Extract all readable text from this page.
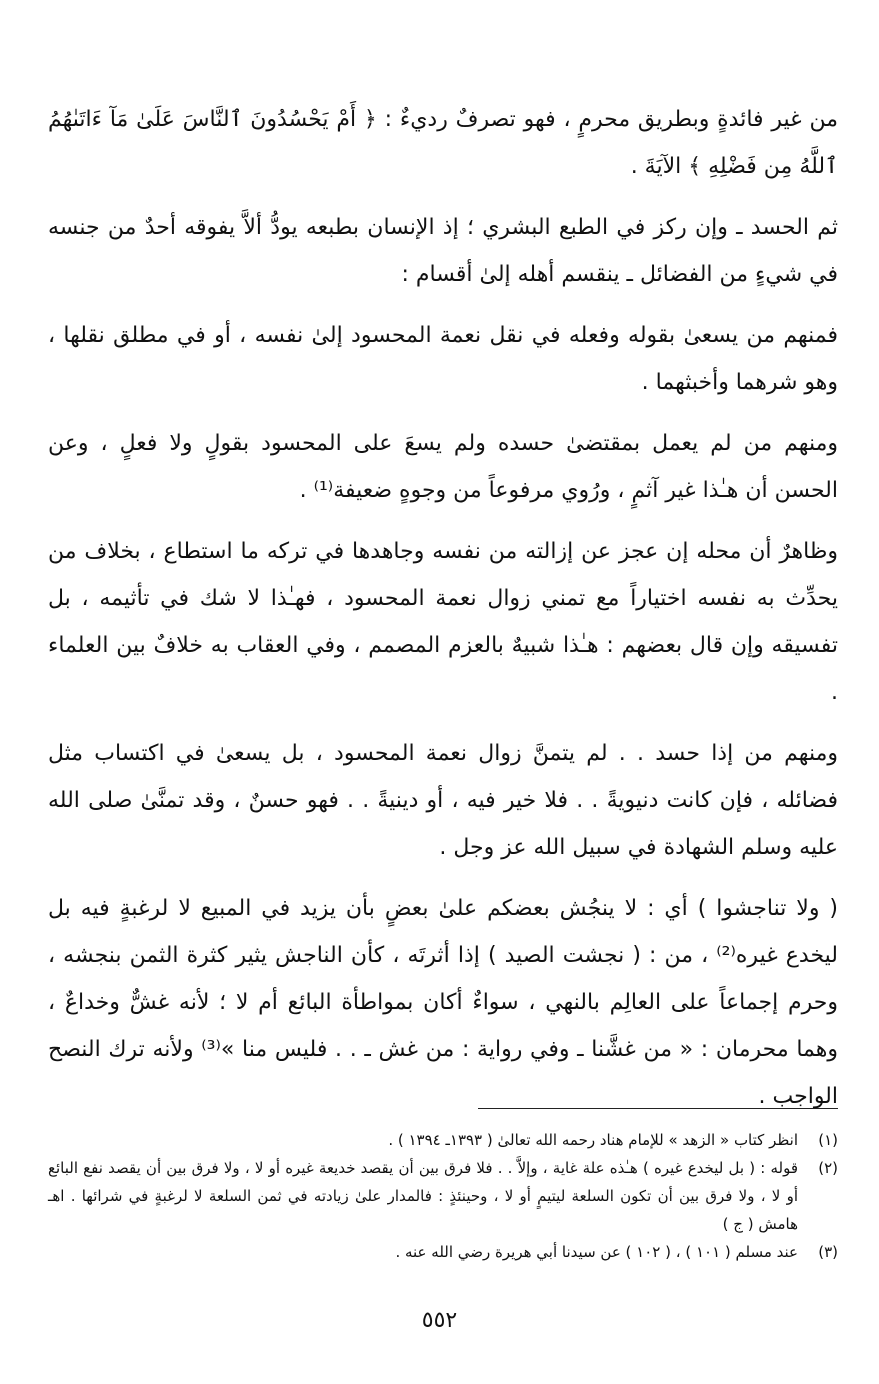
من غير فائدةٍ وبطريق محرمٍ ، فهو تصرفٌ رديءٌ : ﴿ أَمْ يَحْسُدُونَ ٱلنَّاسَ عَلَىٰ مَآ ءَاتَىٰهُمُ ٱللَّهُ مِن فَضْلِهِ ﴾ الآيَةَ .

ثم الحسد ـ وإن ركز في الطبع البشري ؛ إذ الإنسان بطبعه يودُّ ألاَّ يفوقه أحدٌ من جنسه في شيءٍ من الفضائل ـ ينقسم أهله إلىٰ أقسام :

فمنهم من يسعىٰ بقوله وفعله في نقل نعمة المحسود إلىٰ نفسه ، أو في مطلق نقلها ، وهو شرهما وأخبثهما .

ومنهم من لم يعمل بمقتضىٰ حسده ولم يسعَ على المحسود بقولٍ ولا فعلٍ ، وعن الحسن أن هـٰذا غير آثمٍ ، ورُوي مرفوعاً من وجوهٍ ضعيفة⁽¹⁾ .

وظاهرٌ أن محله إن عجز عن إزالته من نفسه وجاهدها في تركه ما استطاع ، بخلاف من يحدِّث به نفسه اختياراً مع تمني زوال نعمة المحسود ، فهـٰذا لا شك في تأثيمه ، بل تفسيقه وإن قال بعضهم : هـٰذا شبيهٌ بالعزم المصمم ، وفي العقاب به خلافٌ بين العلماء .

ومنهم من إذا حسد . . لم يتمنَّ زوال نعمة المحسود ، بل يسعىٰ في اكتساب مثل فضائله ، فإن كانت دنيويةً . . فلا خير فيه ، أو دينيةً . . فهو حسنٌ ، وقد تمنَّىٰ صلى الله عليه وسلم الشهادة في سبيل الله عز وجل .

( ولا تناجشوا ) أي : لا ينجُش بعضكم علىٰ بعضٍ بأن يزيد في المبيع لا لرغبةٍ فيه بل ليخدع غيره⁽²⁾ ، من : ( نجشت الصيد ) إذا أثرتَه ، كأن الناجش يثير كثرة الثمن بنجشه ، وحرم إجماعاً على العالِم بالنهي ، سواءٌ أكان بمواطأة البائع أم لا ؛ لأنه غشٌّ وخداعٌ ، وهما محرمان : « من غشَّنا ـ وفي رواية : من غش ـ . . فليس منا »⁽³⁾ ولأنه ترك النصح الواجب .

(١)
انظر كتاب « الزهد » للإمام هناد رحمه الله تعالىٰ ( ١٣٩٣ـ ١٣٩٤ ) .
(٢)
قوله : ( بل ليخدع غيره ) هـٰذه علة غاية ، وإلاَّ . . فلا فرق بين أن يقصد خديعة غيره أو لا ، ولا فرق بين أن يقصد نفع البائع أو لا ، ولا فرق بين أن تكون السلعة ليتيمٍ أو لا ، وحينئذٍ : فالمدار علىٰ زيادته في ثمن السلعة لا لرغبةٍ في شرائها . اهـ هامش ( ج )
(٣)
عند مسلم ( ١٠١ ) ، ( ١٠٢ ) عن سيدنا أبي هريرة رضي الله عنه .
٥٥٢
